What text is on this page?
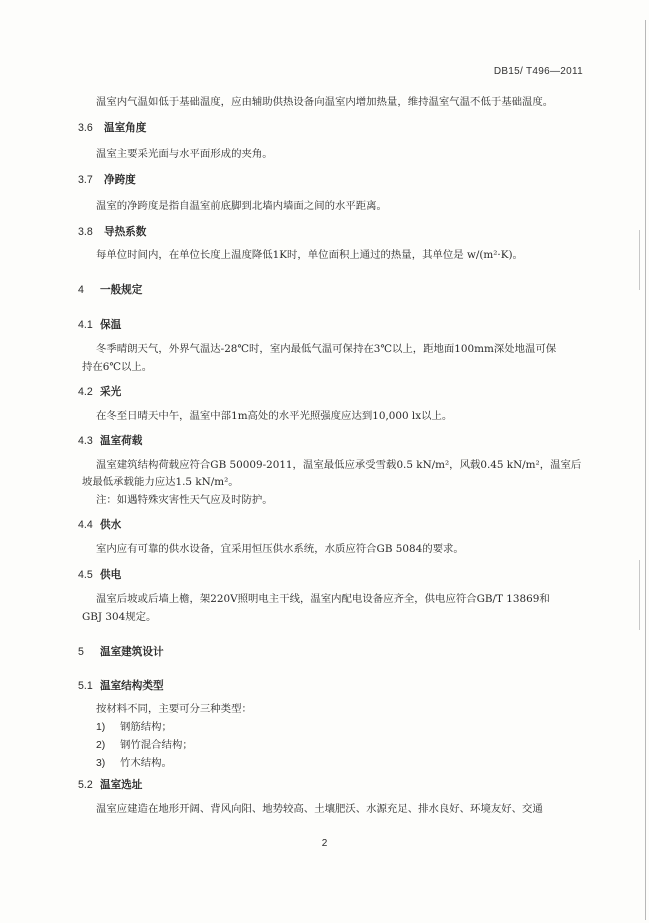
DB15/ T496—2011
温室内气温如低于基础温度，应由辅助供热设备向温室内增加热量，维持温室气温不低于基础温度。
3.6 温室角度
温室主要采光面与水平面形成的夹角。
3.7 净跨度
温室的净跨度是指自温室前底脚到北墙内墙面之间的水平距离。
3.8 导热系数
每单位时间内，在单位长度上温度降低1K时，单位面积上通过的热量，其单位是 w/(m²·K)。
4 一般规定
4.1 保温
冬季晴朗天气，外界气温达-28℃时，室内最低气温可保持在3℃以上，距地面100mm深处地温可保
持在6℃以上。
4.2 采光
在冬至日晴天中午，温室中部1m高处的水平光照强度应达到10,000 lx以上。
4.3 温室荷载
温室建筑结构荷载应符合GB 50009-2011，温室最低应承受雪载0.5 kN/m²，风载0.45 kN/m²，温室后
坡最低承载能力应达1.5 kN/m²。
注：如遇特殊灾害性天气应及时防护。
4.4 供水
室内应有可靠的供水设备，宜采用恒压供水系统，水质应符合GB 5084的要求。
4.5 供电
温室后坡或后墙上檐，架220V照明电主干线，温室内配电设备应齐全，供电应符合GB/T 13869和
GBJ 304规定。
5 温室建筑设计
5.1 温室结构类型
按材料不同，主要可分三种类型：
1) 钢筋结构；
2) 钢竹混合结构；
3) 竹木结构。
5.2 温室选址
温室应建造在地形开阔、背风向阳、地势较高、土壤肥沃、水源充足、排水良好、环境友好、交通
2
